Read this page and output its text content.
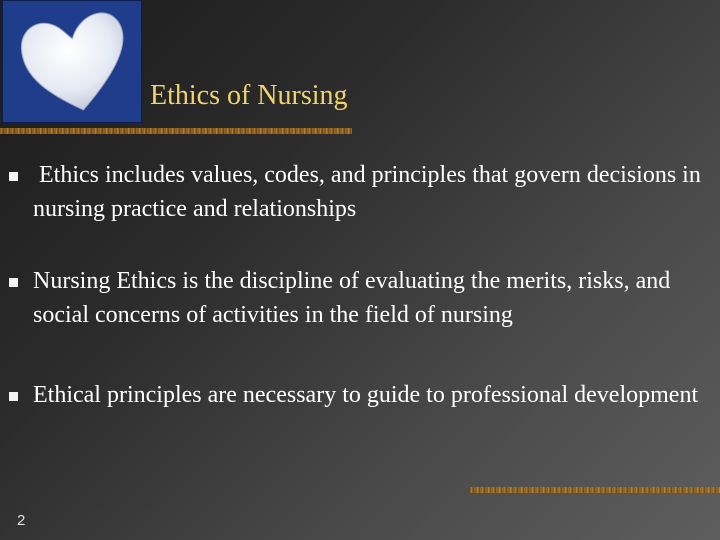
Ethics of Nursing
Ethics includes values, codes, and principles that govern decisions in nursing practice and relationships
Nursing Ethics is the discipline of evaluating the merits, risks, and social concerns of activities in the field of nursing
Ethical principles are necessary to guide to professional development
2
